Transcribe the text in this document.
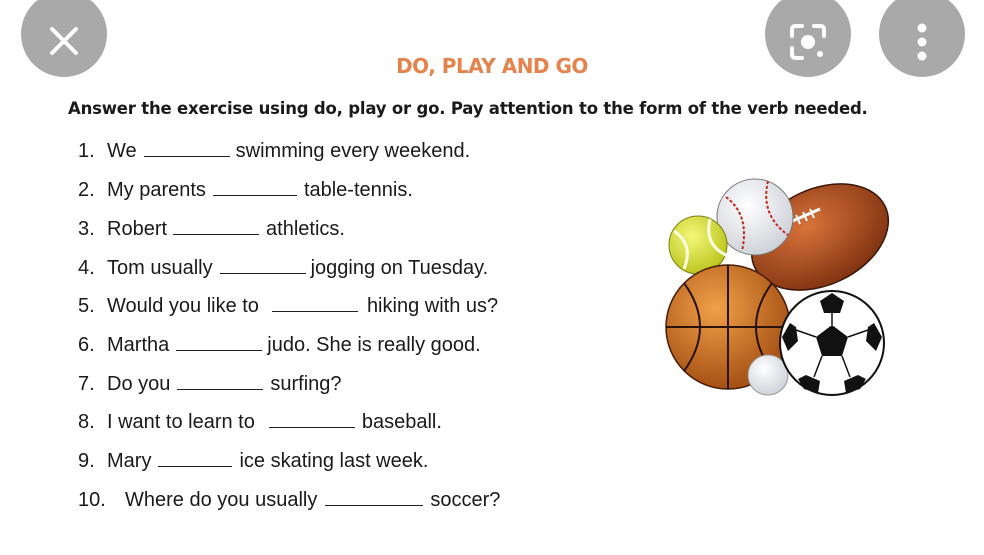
DO, PLAY AND GO
Answer the exercise using do, play or go. Pay attention to the form of the verb needed.
1. We	swimming every weekend.
2. My parents	table-tennis.
3. Robert	athletics.
4. Tom usually	jogging on Tuesday.
5. Would you like to	hiking with us?
6. Martha	judo. She is really good.
7. Do you	surfing?
8. I want to learn to	baseball.
9. Mary	ice skating last week.
10. Where do you usually	soccer?
